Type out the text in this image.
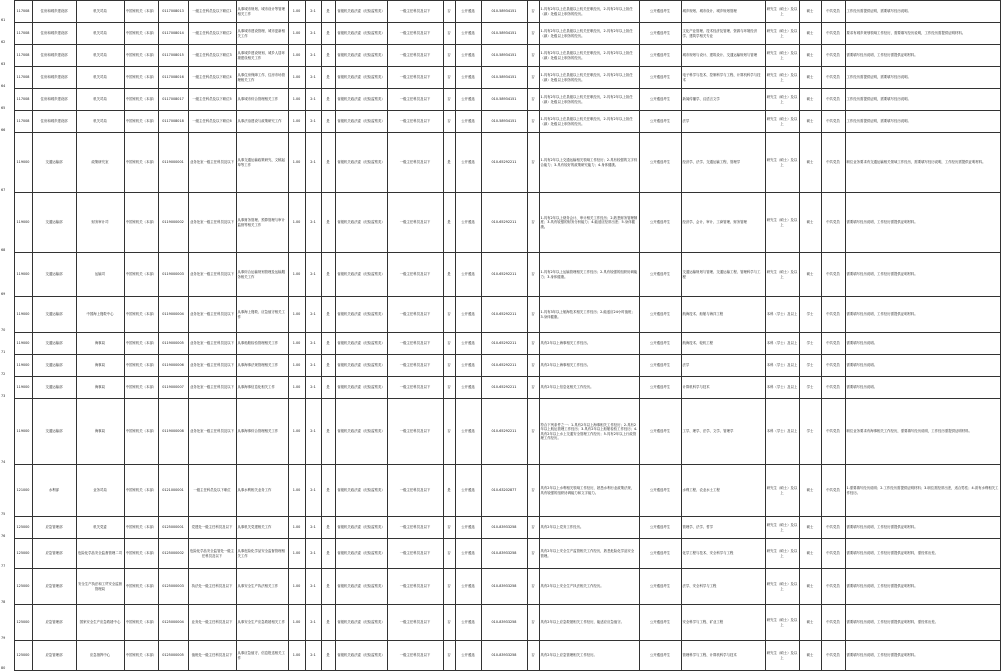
61	117008	住房和城乡建设部	机关司局	中国家机关（本部）	0117008013	一级主任科员及以下职位1	从事城市规划、城市设计等管理相关工作	1.00	2:1	是	省级机关政法委（纪检监察类）	一级主任科员及以下	否	公开遴选	010-58934151	否	1.具有2年以上在县级以上机关任职经历，2.具有2年以上担任（副）处级以上职务的经历。	公开遴选考生	城乡规划、城市设计、城乡规划管理	研究生（硕士）及以上	硕士	中共党员	工作经历需提供证明，需要填写经历说明。
62	117008	住房和城乡建设部	机关司局	中国家机关（本部）	0117008014	一级主任科员及以下职位2	从事城市建设管理、城市更新相关工作	1.00	2:1	是	省级机关政法委（纪检监察类）	一级主任科员及以下	否	公开遴选	010-58934151	否	1.具有2年以上在县级以上机关任职经历，2.具有2年以上担任（副）处级以上职务的经历。	公开遴选考生	文化产业管理、技术经济及管理、资源与环境经济学、建筑学相关专业	研究生（硕士）及以上	硕士	中共党员	要求有城乡规划领域工作经历，需要填写经历说明，工作经历需提供证明材料。
63	117008	住房和城乡建设部	机关司局	中国家机关（本部）	0117008015	一级主任科员及以下职位3	从事城乡建设规划、城乡人居环境建设相关工作	1.00	2:1	是	省级机关政法委（纪检监察类）	一级主任科员及以下	否	公开遴选	010-58934151	否	1.具有2年以上在县级以上机关任职经历，2.具有2年以上担任（副）处级以上职务的经历。	公开遴选考生	城市规划与设计、建筑设计、交通运输规划与管理	研究生（硕士）及以上	硕士	中共党员	需要填写经历说明，工作经历需提供证明材料。
64	117008	住房和城乡建设部	机关司局	中国家机关（本部）	0117008016	一级主任科员及以下职位4	从事住房保障工作、住房市场管理相关工作	1.00	2:1	是	省级机关政法委（纪检监察类）	一级主任科员及以下	否	公开遴选	010-58934151	否	1.具有2年以上在县级以上机关任职经历，2.具有2年以上担任（副）处级以上职务的经历。	公开遴选考生	电子科学与技术、控制科学与工程、计算机科学与技术	研究生（硕士）及以上	硕士	中共党员	工作经历需提供证明，需要填写经历说明。
65	117008	住房和城乡建设部	机关司局	中国家机关（本部）	0117008017	一级主任科员及以下职位5	从事城市综合管理相关工作	1.00	2:1	是	省级机关政法委（纪检监察类）	一级主任科员及以下	否	公开遴选	010-58934151	否	1.具有2年以上在县级以上机关任职经历，2.具有2年以上担任（副）处级以上职务的经历。	公开遴选考生	新闻传播学、汉语言文学	研究生（硕士）及以上	硕士	中共党员	工作经历需提供证明，需要填写经历说明。
66	117008	住房和城乡建设部	机关司局	中国家机关（本部）	0117008018	一级主任科员及以下职位6	从事法治建设与政策研究工作	1.00	2:1	是	省级机关政法委（纪检监察类）	一级主任科员及以下	否	公开遴选	010-58934151	否	1.具有2年以上在县级以上机关任职经历，2.具有2年以上担任（副）处级以上职务的经历。	公开遴选考生	法学	研究生（硕士）及以上	硕士	中共党员	工作经历需提供证明，需要填写经历说明。
67	119000	交通运输部	政策研究室	中国家机关（本部）	0119000001	业务处室一级主任科员及以下	从事交通运输政策研究、文稿起草等工作	1.00	2:1	是	省级机关政法委（纪检监察类）	一级主任科员及以下	是	公开遴选	010-65292211	否	1.具有2年以上交通运输相关领域工作经历；2.具有较强的文字综合能力；3.具有较好的政策研究能力；4.身体健康。	公开遴选考生	经济学、法学、交通运输工程、管理学	研究生（硕士）及以上	硕士	中共党员	职位业务要求有交通运输相关领域工作经历，需要填写经历说明，工作经历需提供证明材料。
68	119000	交通运输部	财务审计司	中国家机关（本部）	0119000002	业务处室一级主任科员及以下	从事财务管理、预算管理与审计监督等相关工作	1.00	2:1	是	省级机关政法委（纪检监察类）	一级主任科员及以下	是	公开遴选	010-65292211	否	1.具有2年以上财务会计、审计相关工作经历；2.熟悉财务管理制度；3.具有较强的财务分析能力；4.能适应经常出差；5.身体健康。	公开遴选考生	经济学、会计、审计、工商管理、财务管理	研究生（硕士）及以上	硕士	中共党员	需要填写经历说明，工作经历需提供证明材料。
69	119000	交通运输部	运输司	中国家机关（本部）	0119000003	业务处室一级主任科员及以下	从事综合运输规划管理及运输服务相关工作	1.00	2:1	是	省级机关政法委（纪检监察类）	一级主任科员及以下	是	公开遴选	010-65292211	否	1.具有2年以上运输管理相关工作经历；2.具有较强的组织协调能力；3.身体健康。	公开遴选考生	交通运输规划与管理、交通运输工程、管理科学与工程	研究生（硕士）及以上	硕士	中共党员	需要填写经历说明，工作经历需提供证明材料。
70	119000	交通运输部	中国海上搜救中心	中国家机关（本部）	0119000004	业务处室一级主任科员及以下	从事海上搜救、应急值守相关工作	1.00	2:1	是	省级机关政法委（纪检监察类）	一级主任科员及以下	否	公开遴选	010-65292211	否	1.具有3年以上航海技术相关工作经历；2.能适应24小时值班；3.身体健康。	公开遴选考生	航海技术、船舶与海洋工程	本科（学士）及以上	学士	中共党员	需要填写经历说明，工作经历需提供证明材料。
71	119000	交通运输部	海事局	中国家机关（本部）	0119000005	业务处室一级主任科员及以下	从事船舶检验管理相关工作	1.00	2:1	是	省级机关政法委（纪检监察类）	一级主任科员及以下	否	公开遴选	010-65292211	否	具有2年以上海事相关工作经历。	公开遴选考生	航海技术、轮机工程	本科（学士）及以上	学士	中共党员	需要填写经历说明。
72	119000	交通运输部	海事局	中国家机关（本部）	0119000006	业务处室一级主任科员及以下	从事海事法规管理相关工作	1.00	2:1	是	省级机关政法委（纪检监察类）	一级主任科员及以下	否	公开遴选	010-65292211	否	具有2年以上海事相关工作经历。	公开遴选考生	法学	本科（学士）及以上	学士	中共党员	需要填写经历说明。
73	119000	交通运输部	海事局	中国家机关（本部）	0119000007	业务处室一级主任科员及以下	从事海事信息化相关工作	1.00	2:1	是	省级机关政法委（纪检监察类）	一级主任科员及以下	否	公开遴选	010-65292211	否	具有2年以上信息化相关工作经历。	公开遴选考生	计算机科学与技术	本科（学士）及以上	学士	中共党员	需要填写经历说明。
74	119000	交通运输部	海事局	中国家机关（本部）	0119000008	业务处室一级主任科员及以下	从事海事综合管理相关工作	1.00	2:1	是	省级机关政法委（纪检监察类）	一级主任科员及以下	否	公开遴选	010-65292211	否	符合下列条件之一：1.具有2年以上海事相关工作经历；2.具有2年以上航运管理工作经历；3.具有2年以上船舶检验工作经历；4.具有2年以上水上交通安全管理工作经历；5.具有2年以上行政管理工作经历。	公开遴选考生	工学、理学、法学、文学、管理学	本科（学士）及以上	学士	中共党员	职位业务要求有海事相关工作经历，需要填写经历说明，工作经历需提供证明材料。
75	121000	水利部	业务司局	中国家机关（本部）	0121000001	一级主任科员及以下职位	从事水利相关业务工作	1.00	2:1	是	省级机关政法委（纪检监察类）	一级主任科员及以下	是	公开遴选	010-63202877	否	具有2年以上水利相关领域工作经历，熟悉水利行业政策法规，具有较强的组织协调能力和文字能力。	公开遴选考生	水利工程、农业水土工程	研究生（硕士）及以上	硕士	中共党员	1.需要填写经历说明；2.工作经历需提供证明材料；3.职位需经常出差，适合男性；4.须有水利相关工作经历。
76	125000	应急管理部	机关党委	中国家机关（本部）	0125000001	党建处一级主任科员及以下	从事机关党建相关工作	1.00	2:1	是	省级机关政法委（纪检监察类）	一级主任科员及以下	否	公开遴选	010-83933258	否	具有2年以上党务工作经历。	公开遴选考生	管理学、法学、哲学	研究生（硕士）及以上	硕士	中共党员	需要填写经历说明，工作经历需提供证明材料。
77	125000	应急管理部	危险化学品安全监督管理二司	中国家机关（本部）	0125000002	危险化学品安全监管处一级主任科员及以下	从事危险化学品安全监督管理相关工作	1.00	2:1	是	省级机关政法委（纪检监察类）	一级主任科员及以下	否	公开遴选	010-83933258	否	具有2年以上安全生产监管相关工作经历，熟悉危险化学品安全管理。	公开遴选考生	化学工程与技术、安全科学与工程	研究生（硕士）及以上	硕士	中共党员	需要填写经历说明，工作经历需提供证明材料，需经常出差。
78	125000	应急管理部	安全生产执法和工贸安全监督管理局	中国家机关（本部）	0125000003	执法处一级主任科员及以下	从事安全生产执法相关工作	1.00	2:1	是	省级机关政法委（纪检监察类）	一级主任科员及以下	否	公开遴选	010-83933258	否	具有2年以上安全生产执法相关工作经历。	公开遴选考生	法学、安全科学与工程	研究生（硕士）及以上	硕士	中共党员	需要填写经历说明，工作经历需提供证明材料。
79	125000	应急管理部	国家安全生产应急救援中心	中国家机关（本部）	0125000004	业务处一级主任科员及以下	从事安全生产应急救援相关工作	1.00	2:1	是	省级机关政法委（纪检监察类）	一级主任科员及以下	否	公开遴选	010-83933258	否	具有2年以上应急救援相关工作经历，能适应应急值守。	公开遴选考生	安全科学与工程、矿业工程	研究生（硕士）及以上	硕士	中共党员	需要填写经历说明，工作经历需提供证明材料，需经常出差。
80	125000	应急管理部	应急指挥中心	中国家机关（本部）	0125000005	值班处一级主任科员及以下	从事应急值守、信息报送相关工作	1.00	2:1	是	省级机关政法委（纪检监察类）	一级主任科员及以下	否	公开遴选	010-83933258	否	具有2年以上应急管理相关工作经历。	公开遴选考生	管理科学与工程、计算机科学与技术	研究生（硕士）及以上	硕士	中共党员	需要填写经历说明，工作经历需提供证明材料。
